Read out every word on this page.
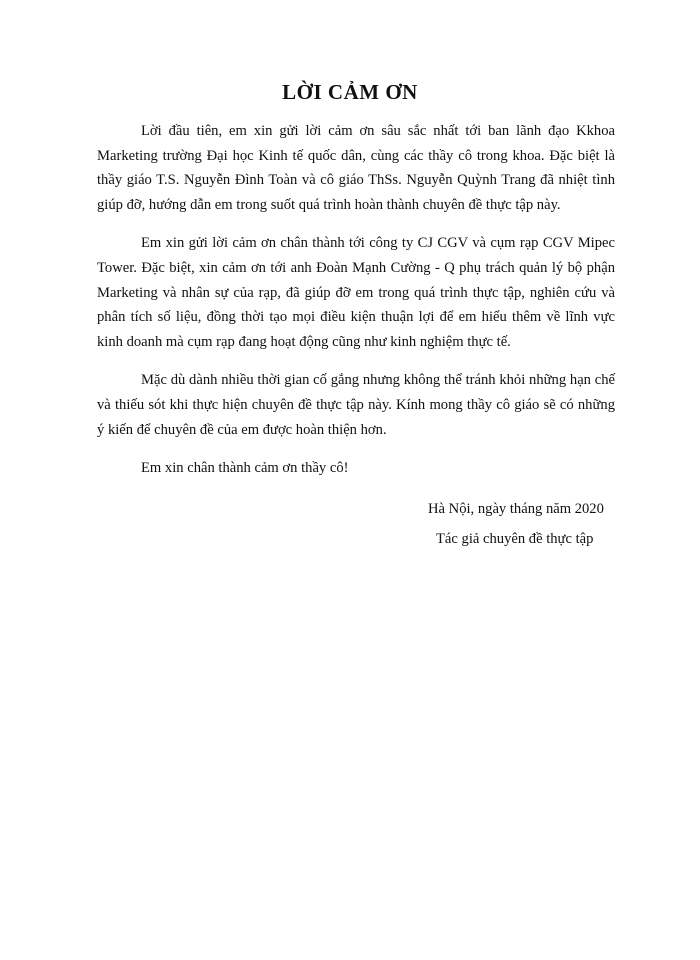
LỜI CẢM ƠN

Lời đầu tiên, em xin gửi lời cảm ơn sâu sắc nhất tới ban lãnh đạo Kkhoa Marketing trường Đại học Kinh tế quốc dân, cùng các thầy cô trong khoa. Đặc biệt là thầy giáo T.S. Nguyễn Đình Toàn và cô giáo ThSs. Nguyễn Quỳnh Trang đã nhiệt tình giúp đỡ, hướng dẫn em trong suốt quá trình hoàn thành chuyên đề thực tập này.

Em xin gửi lời cảm ơn chân thành tới công ty CJ CGV và cụm rạp CGV Mipec Tower. Đặc biệt, xin cảm ơn tới anh Đoàn Mạnh Cường - Q phụ trách quản lý bộ phận Marketing và nhân sự của rạp, đã giúp đỡ em trong quá trình thực tập, nghiên cứu và phân tích số liệu, đồng thời tạo mọi điều kiện thuận lợi để em hiểu thêm về lĩnh vực kinh doanh mà cụm rạp đang hoạt động cũng như kinh nghiệm thực tế.

Mặc dù dành nhiều thời gian cố gắng nhưng không thể tránh khỏi những hạn chế và thiếu sót khi thực hiện chuyên đề thực tập này. Kính mong thầy cô giáo sẽ có những ý kiến để chuyên đề của em được hoàn thiện hơn.

Em xin chân thành cảm ơn thầy cô!

Hà Nội, ngày tháng năm 2020
Tác giả chuyên đề thực tập
